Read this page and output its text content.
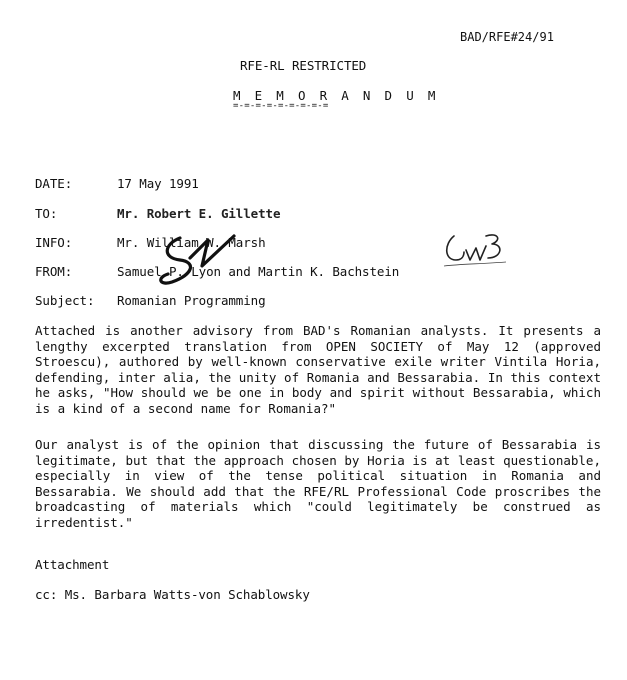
BAD/RFE#24/91
RFE-RL RESTRICTED
M E M O R A N D U M
=-=-=-=-=-=-=-=-=
DATE:	17 May 1991
TO:	Mr. Robert E. Gillette
INFO:	Mr. William W. Marsh
FROM:	Samuel P. Lyon and Martin K. Bachstein
Subject: Romanian Programming
Attached is another advisory from BAD's Romanian analysts. It presents a lengthy excerpted translation from OPEN SOCIETY of May 12 (approved Stroescu), authored by well-known conservative exile writer Vintila Horia, defending, inter alia, the unity of Romania and Bessarabia. In this context he asks, "How should we be one in body and spirit without Bessarabia, which is a kind of a second name for Romania?"
Our analyst is of the opinion that discussing the future of Bessarabia is legitimate, but that the approach chosen by Horia is at least questionable, especially in view of the tense political situation in Romania and Bessarabia. We should add that the RFE/RL Professional Code proscribes the broadcasting of materials which "could legitimately be construed as irredentist."
Attachment
cc: Ms. Barbara Watts-von Schablowsky
